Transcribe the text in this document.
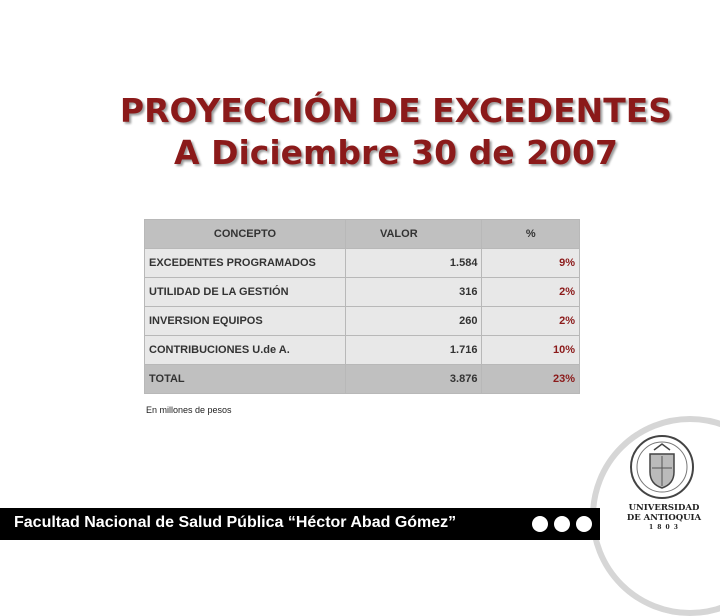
PROYECCIÓN DE EXCEDENTES
A Diciembre 30 de 2007
CONCEPTO	VALOR	%
EXCEDENTES PROGRAMADOS	1.584	9%
UTILIDAD DE LA GESTIÓN	316	2%
INVERSION EQUIPOS	260	2%
CONTRIBUCIONES U.de A.	1.716	10%
TOTAL	3.876	23%
En millones de pesos
Facultad Nacional de Salud Pública “Héctor Abad Gómez”
UNIVERSIDAD
DE ANTIOQUIA
1 8 0 3
